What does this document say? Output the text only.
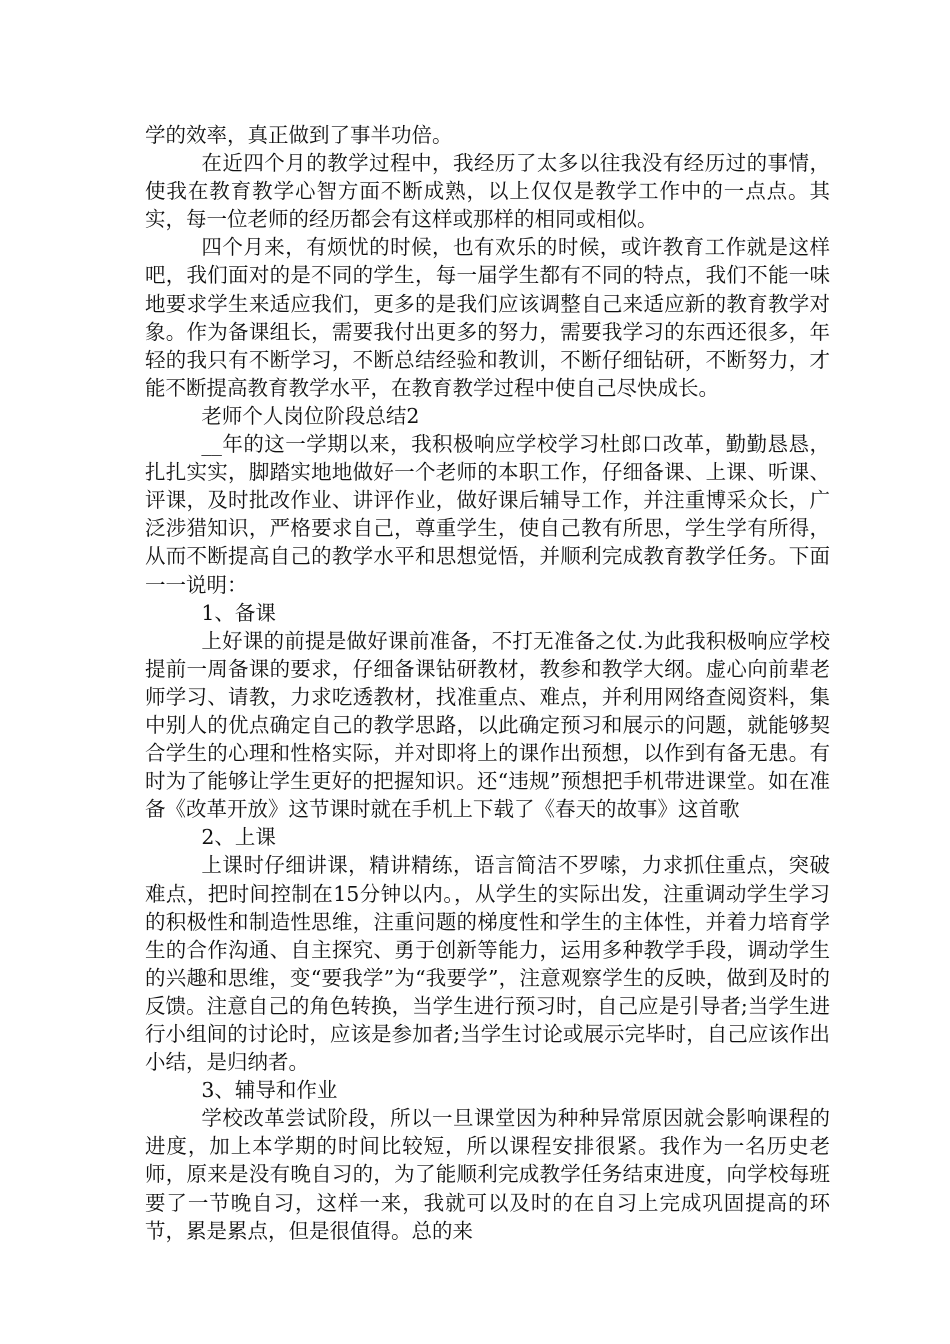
学的效率，真正做到了事半功倍。

在近四个月的教学过程中，我经历了太多以往我没有经历过的事情，使我在教育教学心智方面不断成熟，以上仅仅是教学工作中的一点点。其实，每一位老师的经历都会有这样或那样的相同或相似。

四个月来，有烦忧的时候，也有欢乐的时候，或许教育工作就是这样吧，我们面对的是不同的学生，每一届学生都有不同的特点，我们不能一味地要求学生来适应我们，更多的是我们应该调整自己来适应新的教育教学对象。作为备课组长，需要我付出更多的努力，需要我学习的东西还很多，年轻的我只有不断学习，不断总结经验和教训，不断仔细钻研，不断努力，才能不断提高教育教学水平，在教育教学过程中使自己尽快成长。

老师个人岗位阶段总结2

__年的这一学期以来，我积极响应学校学习杜郎口改革，勤勤恳恳，扎扎实实，脚踏实地地做好一个老师的本职工作，仔细备课、上课、听课、评课，及时批改作业、讲评作业，做好课后辅导工作，并注重博采众长，广泛涉猎知识，严格要求自己，尊重学生，使自己教有所思，学生学有所得，从而不断提高自己的教学水平和思想觉悟，并顺利完成教育教学任务。下面一一说明：

1、备课

上好课的前提是做好课前准备，不打无准备之仗.为此我积极响应学校提前一周备课的要求，仔细备课钻研教材，教参和教学大纲。虚心向前辈老师学习、请教，力求吃透教材，找准重点、难点，并利用网络查阅资料，集中别人的优点确定自己的教学思路，以此确定预习和展示的问题，就能够契合学生的心理和性格实际，并对即将上的课作出预想，以作到有备无患。有时为了能够让学生更好的把握知识。还“违规”预想把手机带进课堂。如在准备《改革开放》这节课时就在手机上下载了《春天的故事》这首歌

2、上课

上课时仔细讲课，精讲精练，语言简洁不罗嗦，力求抓住重点，突破难点，把时间控制在15分钟以内。，从学生的实际出发，注重调动学生学习的积极性和制造性思维，注重问题的梯度性和学生的主体性，并着力培育学生的合作沟通、自主探究、勇于创新等能力，运用多种教学手段，调动学生的兴趣和思维，变“要我学”为“我要学”，注意观察学生的反映，做到及时的反馈。注意自己的角色转换，当学生进行预习时，自己应是引导者;当学生进行小组间的讨论时，应该是参加者;当学生讨论或展示完毕时，自己应该作出小结，是归纳者。

3、辅导和作业

学校改革尝试阶段，所以一旦课堂因为种种异常原因就会影响课程的进度，加上本学期的时间比较短，所以课程安排很紧。我作为一名历史老师，原来是没有晚自习的，为了能顺利完成教学任务结束进度，向学校每班要了一节晚自习，这样一来，我就可以及时的在自习上完成巩固提高的环节，累是累点，但是很值得。总的来
